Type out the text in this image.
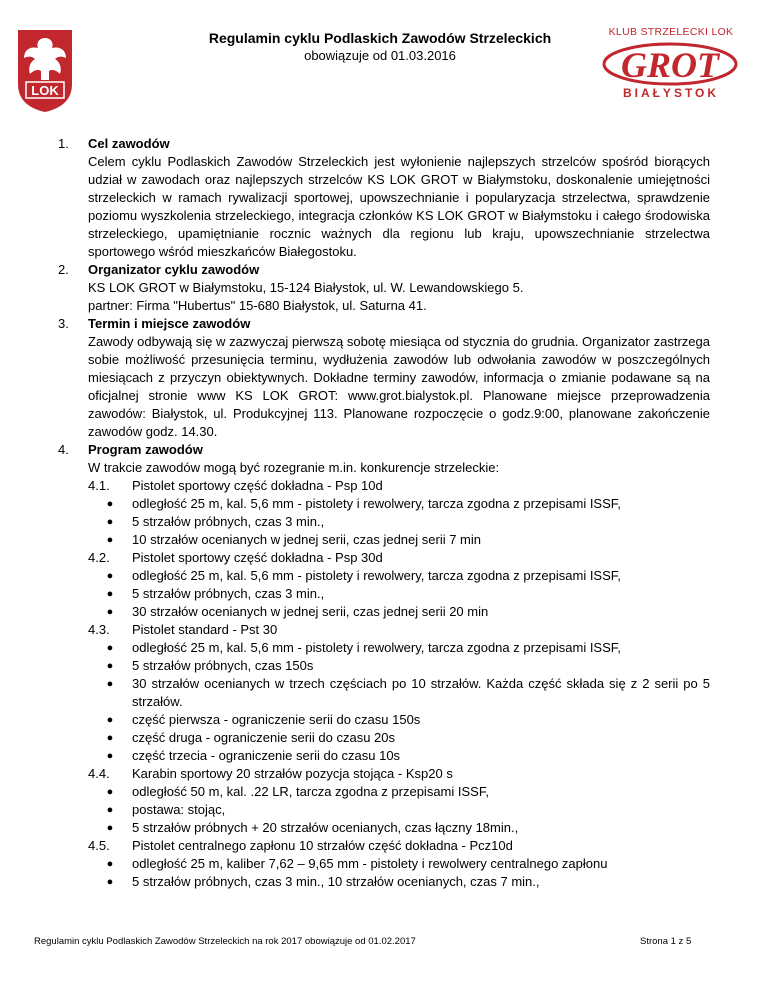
LOK
KLUB STRZELECKI LOK
GROT
BIAŁYSTOK
Regulamin cyklu Podlaskich Zawodów Strzeleckich
obowiązuje od 01.03.2016
1.	Cel zawodów
Celem cyklu Podlaskich Zawodów Strzeleckich jest wyłonienie najlepszych strzelców spośród biorących udział w zawodach oraz najlepszych strzelców KS LOK GROT w Białymstoku, doskonalenie umiejętności strzeleckich w ramach rywalizacji sportowej, upowszechnianie i popularyzacja strzelectwa, sprawdzenie poziomu wyszkolenia strzeleckiego, integracja członków KS LOK GROT w Białymstoku i całego środowiska strzeleckiego, upamiętnianie rocznic ważnych dla regionu lub kraju, upowszechnianie strzelectwa sportowego wśród mieszkańców Białegostoku.
2.	Organizator cyklu zawodów
KS LOK GROT w Białymstoku, 15-124 Białystok, ul. W. Lewandowskiego 5.
partner: Firma "Hubertus" 15-680 Białystok, ul. Saturna 41.
3.	Termin i miejsce zawodów
Zawody odbywają się w zazwyczaj pierwszą sobotę miesiąca od stycznia do grudnia. Organizator zastrzega sobie możliwość przesunięcia terminu, wydłużenia zawodów lub odwołania zawodów w poszczególnych miesiącach z przyczyn obiektywnych. Dokładne terminy zawodów, informacja o zmianie podawane są na oficjalnej stronie www KS LOK GROT: www.grot.bialystok.pl. Planowane miejsce przeprowadzenia zawodów: Białystok, ul. Produkcyjnej 113. Planowane rozpoczęcie o godz.9:00, planowane zakończenie zawodów godz. 14.30.
4.	Program zawodów
W trakcie zawodów mogą być rozegranie m.in. konkurencje strzeleckie:
4.1.	Pistolet sportowy część dokładna - Psp 10d
●	odległość 25 m, kal. 5,6 mm - pistolety i rewolwery, tarcza zgodna z przepisami ISSF,
●	5 strzałów próbnych, czas 3 min.,
●	10 strzałów ocenianych w jednej serii, czas jednej serii 7 min
4.2.	Pistolet sportowy część dokładna - Psp 30d
●	odległość 25 m, kal. 5,6 mm - pistolety i rewolwery, tarcza zgodna z przepisami ISSF,
●	5 strzałów próbnych, czas 3 min.,
●	30 strzałów ocenianych w jednej serii, czas jednej serii 20 min
4.3.	Pistolet standard - Pst 30
●	odległość 25 m, kal. 5,6 mm - pistolety i rewolwery, tarcza zgodna z przepisami ISSF,
●	5 strzałów próbnych, czas 150s
●	30 strzałów ocenianych w trzech częściach po 10 strzałów. Każda część składa się z 2 serii po 5 strzałów.
●	część pierwsza - ograniczenie serii do czasu 150s
●	część druga - ograniczenie serii do czasu 20s
●	część trzecia - ograniczenie serii do czasu 10s
4.4.	Karabin sportowy 20 strzałów pozycja stojąca - Ksp20 s
●	odległość 50 m, kal. .22 LR, tarcza zgodna z przepisami ISSF,
●	postawa: stojąc,
●	5 strzałów próbnych + 20 strzałów ocenianych, czas łączny 18min.,
4.5.	Pistolet centralnego zapłonu 10 strzałów część dokładna - Pcz10d
●	odległość 25 m, kaliber 7,62 – 9,65 mm - pistolety i rewolwery centralnego zapłonu
●	5 strzałów próbnych, czas 3 min., 10 strzałów ocenianych, czas 7 min.,
Regulamin cyklu Podlaskich Zawodów Strzeleckich na rok 2017 obowiązuje od 01.02.2017	Strona 1 z 5
